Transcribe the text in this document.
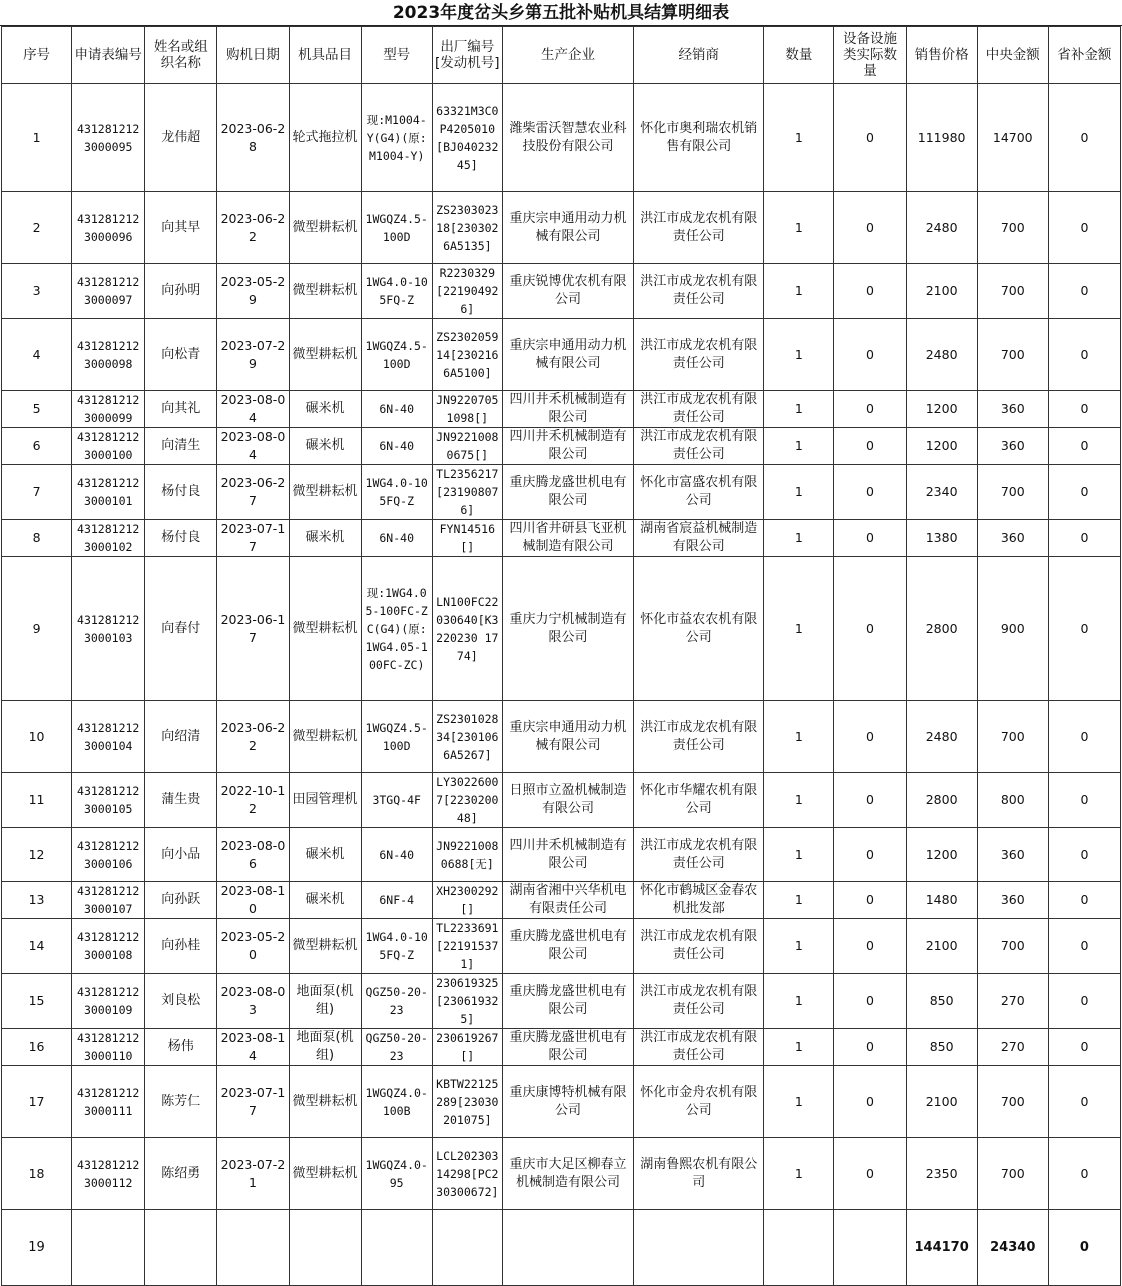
2023年度岔头乡第五批补贴机具结算明细表
序号	申请表编号	姓名或组织名称	购机日期	机具品目	型号	出厂编号[发动机号]	生产企业	经销商	数量	设备设施类实际数量	销售价格	中央金额	省补金额
1	4312812123000095	龙伟超	2023-06-28	轮式拖拉机	现:M1004-Y(G4)(原:M1004-Y)	63321M3C0P4205010[BJ04023245]	潍柴雷沃智慧农业科技股份有限公司	怀化市奥利瑞农机销售有限公司	1	0	111980	14700	0
2	4312812123000096	向其早	2023-06-22	微型耕耘机	1WGQZ4.5-100D	ZS230302318[2303026A5135]	重庆宗申通用动力机械有限公司	洪江市成龙农机有限责任公司	1	0	2480	700	0
3	4312812123000097	向孙明	2023-05-29	微型耕耘机	1WG4.0-105FQ-Z	R2230329[221904926]	重庆锐博优农机有限公司	洪江市成龙农机有限责任公司	1	0	2100	700	0
4	4312812123000098	向松青	2023-07-29	微型耕耘机	1WGQZ4.5-100D	ZS230205914[2302166A5100]	重庆宗申通用动力机械有限公司	洪江市成龙农机有限责任公司	1	0	2480	700	0
5	4312812123000099	向其礼	2023-08-04	碾米机	6N-40	JN92207051098[]	四川井禾机械制造有限公司	洪江市成龙农机有限责任公司	1	0	1200	360	0
6	4312812123000100	向清生	2023-08-04	碾米机	6N-40	JN92210080675[]	四川井禾机械制造有限公司	洪江市成龙农机有限责任公司	1	0	1200	360	0
7	4312812123000101	杨付良	2023-06-27	微型耕耘机	1WG4.0-105FQ-Z	TL2356217[231908076]	重庆腾龙盛世机电有限公司	怀化市富盛农机有限公司	1	0	2340	700	0
8	4312812123000102	杨付良	2023-07-17	碾米机	6N-40	FYN14516[]	四川省井研县飞亚机械制造有限公司	湖南省宸益机械制造有限公司	1	0	1380	360	0
9	4312812123000103	向春付	2023-06-17	微型耕耘机	现:1WG4.05-100FC-ZC(G4)(原:1WG4.05-100FC-ZC)	LN100FC22030640[K3220230 1774]	重庆力宁机械制造有限公司	怀化市益农农机有限公司	1	0	2800	900	0
10	4312812123000104	向绍清	2023-06-22	微型耕耘机	1WGQZ4.5-100D	ZS230102834[2301066A5267]	重庆宗申通用动力机械有限公司	洪江市成龙农机有限责任公司	1	0	2480	700	0
11	4312812123000105	蒲生贵	2022-10-12	田园管理机	3TGQ-4F	LY30226007[223020048]	日照市立盈机械制造有限公司	怀化市华耀农机有限公司	1	0	2800	800	0
12	4312812123000106	向小品	2023-08-06	碾米机	6N-40	JN92210080688[无]	四川井禾机械制造有限公司	洪江市成龙农机有限责任公司	1	0	1200	360	0
13	4312812123000107	向孙跃	2023-08-10	碾米机	6NF-4	XH2300292[]	湖南省湘中兴华机电有限责任公司	怀化市鹤城区金春农机批发部	1	0	1480	360	0
14	4312812123000108	向孙桂	2023-05-20	微型耕耘机	1WG4.0-105FQ-Z	TL2233691[221915371]	重庆腾龙盛世机电有限公司	洪江市成龙农机有限责任公司	1	0	2100	700	0
15	4312812123000109	刘良松	2023-08-03	地面泵(机组)	QGZ50-20-23	230619325[230619325]	重庆腾龙盛世机电有限公司	洪江市成龙农机有限责任公司	1	0	850	270	0
16	4312812123000110	杨伟	2023-08-14	地面泵(机组)	QGZ50-20-23	230619267[]	重庆腾龙盛世机电有限公司	洪江市成龙农机有限责任公司	1	0	850	270	0
17	4312812123000111	陈芳仁	2023-07-17	微型耕耘机	1WGQZ4.0-100B	KBTW22125289[23030201075]	重庆康博特机械有限公司	怀化市金舟农机有限公司	1	0	2100	700	0
18	4312812123000112	陈绍勇	2023-07-21	微型耕耘机	1WGQZ4.0-95	LCL20230314298[PC230300672]	重庆市大足区柳春立机械制造有限公司	湖南鲁熙农机有限公司	1	0	2350	700	0
19											144170	24340	0
